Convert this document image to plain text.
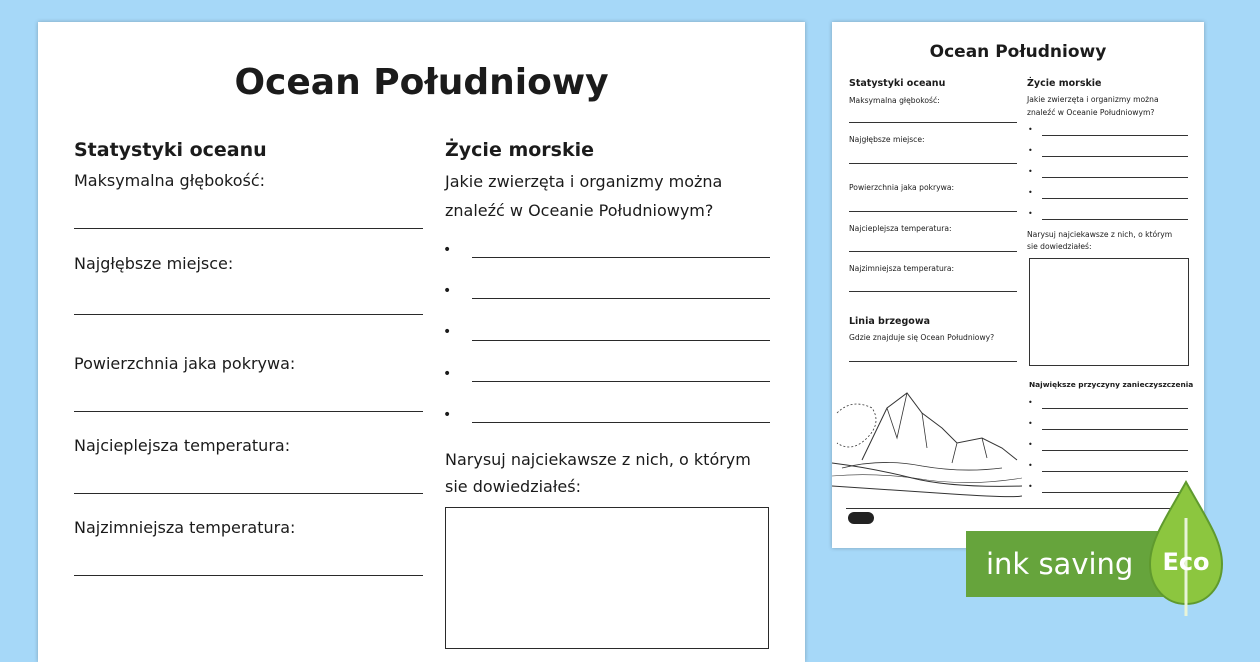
Ocean Południowy
Statystyki oceanu
Maksymalna głębokość:
Najgłębsze miejsce:
Powierzchnia jaka pokrywa:
Najcieplejsza temperatura:
Najzimniejsza temperatura:
Życie morskie
Jakie zwierzęta i organizmy można
znaleźć w Oceanie Południowym?
•
•
•
•
•
Narysuj najciekawsze z nich, o którym
sie dowiedziałeś:
Ocean Południowy
Statystyki oceanu
Maksymalna głębokość:
Najgłębsze miejsce:
Powierzchnia jaka pokrywa:
Najcieplejsza temperatura:
Najzimniejsza temperatura:
Linia brzegowa
Gdzie znajduje się Ocean Południowy?
Życie morskie
Jakie zwierzęta i organizmy można
znaleźć w Oceanie Południowym?
•
•
•
•
•
Narysuj najciekawsze z nich, o którym
sie dowiedziałeś:
Największe przyczyny zanieczyszczenia
•
•
•
•
•
ink saving Eco
